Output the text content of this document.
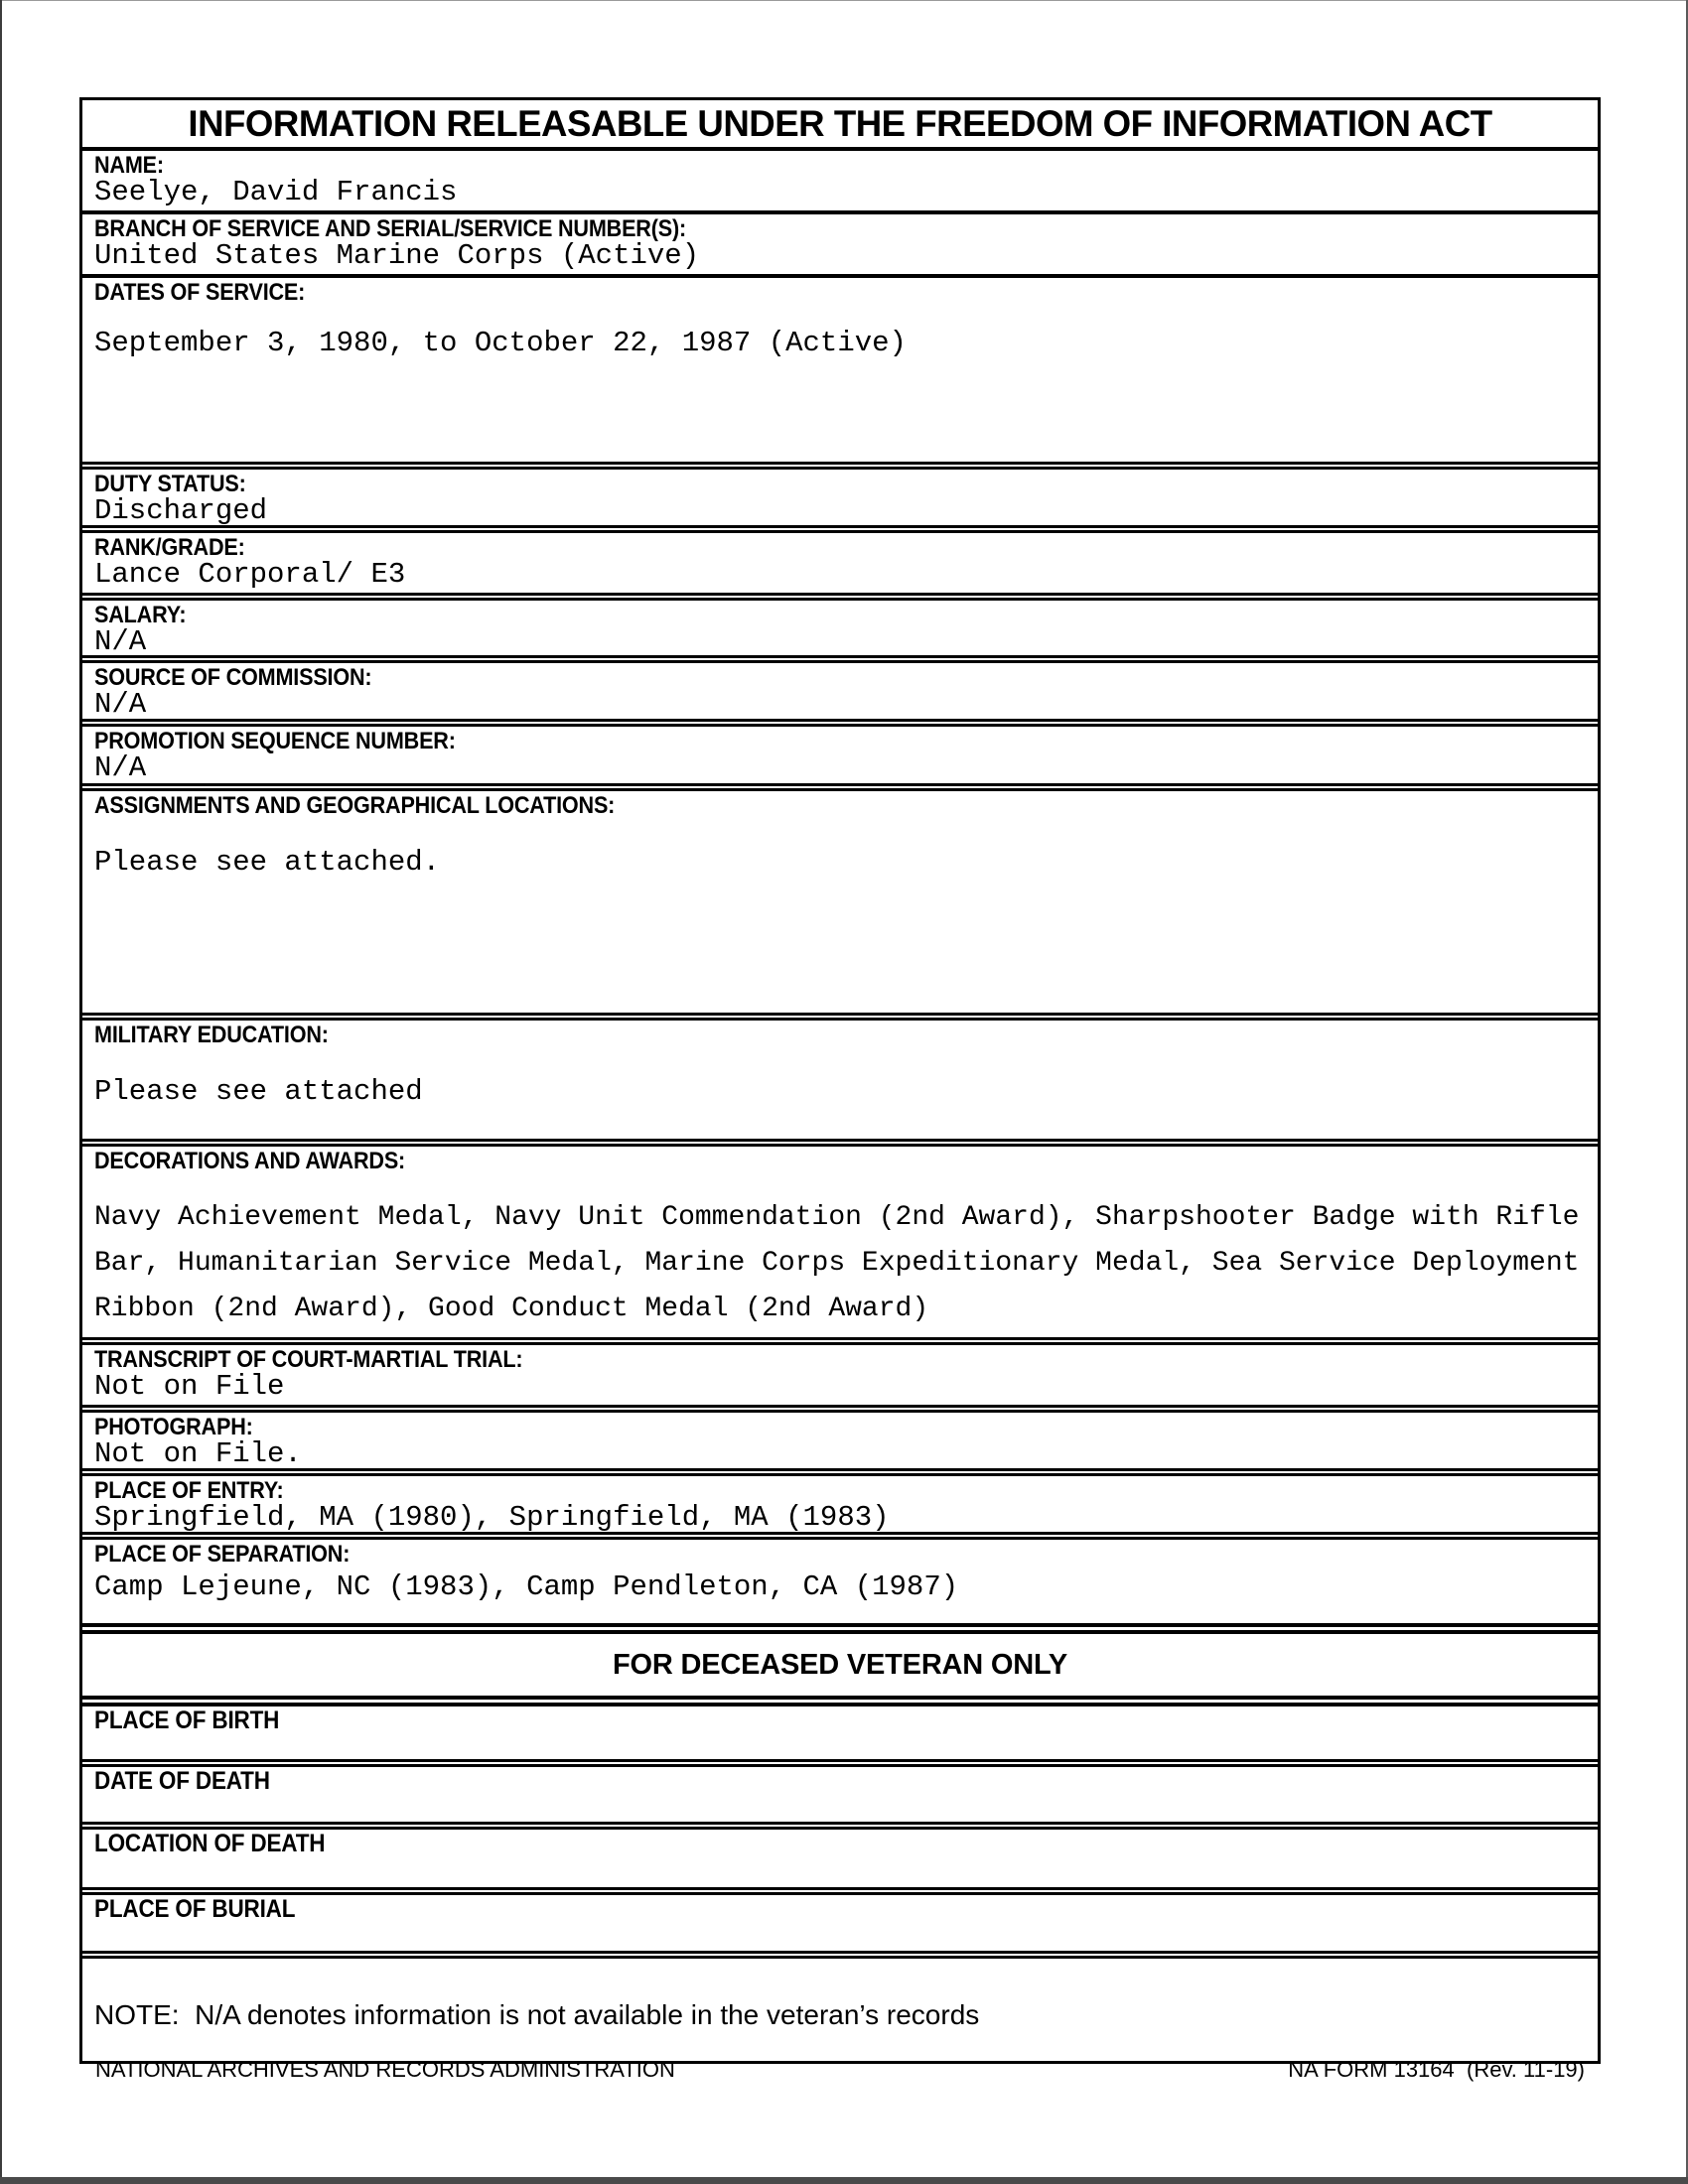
INFORMATION RELEASABLE UNDER THE FREEDOM OF INFORMATION ACT
NAME:
Seelye, David Francis
BRANCH OF SERVICE AND SERIAL/SERVICE NUMBER(S):
United States Marine Corps (Active)
DATES OF SERVICE:
September 3, 1980, to October 22, 1987 (Active)
DUTY STATUS:
Discharged
RANK/GRADE:
Lance Corporal/ E3
SALARY:
N/A
SOURCE OF COMMISSION:
N/A
PROMOTION SEQUENCE NUMBER:
N/A
ASSIGNMENTS AND GEOGRAPHICAL LOCATIONS:
Please see attached.
MILITARY EDUCATION:
Please see attached
DECORATIONS AND AWARDS:
Navy Achievement Medal, Navy Unit Commendation (2nd Award), Sharpshooter Badge with Rifle
Bar, Humanitarian Service Medal, Marine Corps Expeditionary Medal, Sea Service Deployment
Ribbon (2nd Award), Good Conduct Medal (2nd Award)
TRANSCRIPT OF COURT-MARTIAL TRIAL:
Not on File
PHOTOGRAPH:
Not on File.
PLACE OF ENTRY:
Springfield, MA (1980), Springfield, MA (1983)
PLACE OF SEPARATION:
Camp Lejeune, NC (1983), Camp Pendleton, CA (1987)
FOR DECEASED VETERAN ONLY
PLACE OF BIRTH
DATE OF DEATH
LOCATION OF DEATH
PLACE OF BURIAL
NOTE:  N/A denotes information is not available in the veteran’s records
NATIONAL ARCHIVES AND RECORDS ADMINISTRATION	NA FORM 13164  (Rev. 11-19)
